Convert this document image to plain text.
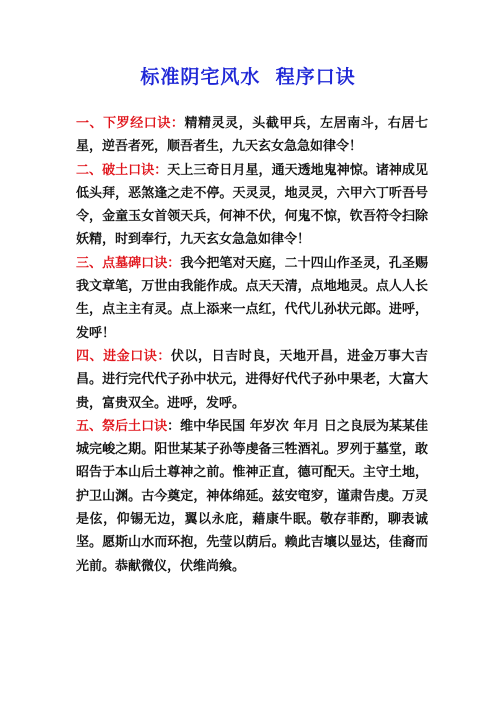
标准阴宅风水  程序口诀

一、下罗经口诀：精精灵灵，头截甲兵，左居南斗，右居七星，逆吾者死，顺吾者生，九天玄女急急如律令！

二、破土口诀：天上三奇日月星，通天透地鬼神惊。诸神成见低头拜，恶煞逢之走不停。天灵灵，地灵灵，六甲六丁听吾号令，金童玉女首领天兵，何神不伏，何鬼不惊，钦吾符令扫除妖精，时到奉行，九天玄女急急如律令！

三、点墓碑口诀：我今把笔对天庭，二十四山作圣灵，孔圣赐我文章笔，万世由我能作成。点天天清，点地地灵。点人人长生，点主主有灵。点上添来一点红，代代儿孙状元郎。进呼，发呼！

四、进金口诀：伏以，日吉时良，天地开昌，进金万事大吉昌。进行完代代子孙中状元，进得好代代子孙中果老，大富大贵，富贵双全。进呼，发呼。

五、祭后土口诀：维中华民国 年岁次 年月 日之良辰为某某佳城完峻之期。阳世某某子孙等虔备三牲酒礼。罗列于墓堂，敢昭告于本山后土尊神之前。惟神正直，德可配天。主守土地，护卫山渊。古今奠定，神体绵延。兹安窀穸，谨肃告虔。万灵是伭，仰锡无边，翼以永庇，藉康牛眠。敬存菲酌，聊表诚坚。愿斯山水而环抱，先莹以荫后。赖此吉壤以显达，佳裔而光前。恭献微仪，伏维尚飨。
